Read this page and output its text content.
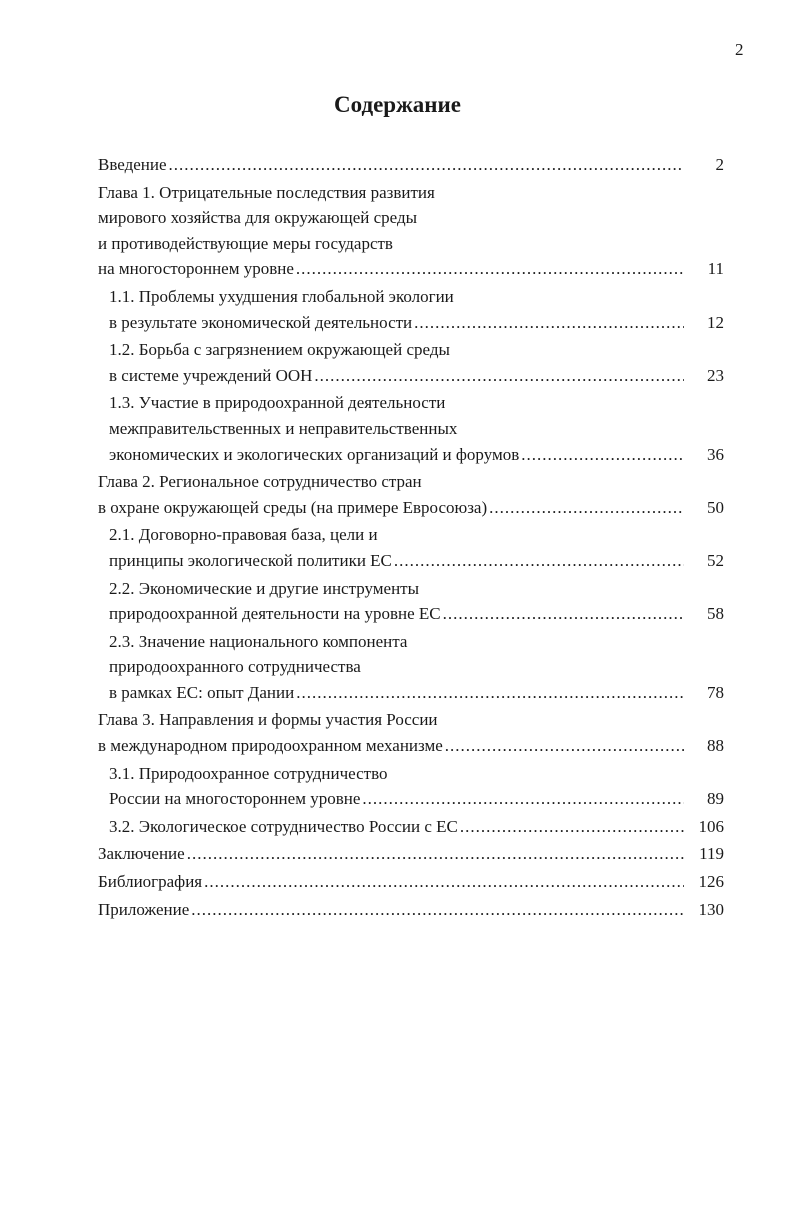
2
Содержание
Введение .....	2
Глава 1. Отрицательные последствия развития
мирового хозяйства для окружающей среды
и противодействующие меры государств
на многостороннем уровне .....	11
1.1. Проблемы ухудшения глобальной экологии
в результате экономической деятельности .....	12
1.2. Борьба с загрязнением окружающей среды
в системе учреждений ООН .....	23
1.3. Участие в природоохранной деятельности
межправительственных и неправительственных
экономических и экологических организаций и форумов .....	36
Глава 2. Региональное сотрудничество стран
в охране окружающей среды (на примере Евросоюза) .....	50
2.1. Договорно-правовая база, цели и
принципы экологической политики ЕС .....	52
2.2. Экономические и другие инструменты
природоохранной деятельности на уровне ЕС .....	58
2.3. Значение национального компонента
природоохранного сотрудничества
в рамках ЕС: опыт Дании .....	78
Глава 3. Направления и формы участия России
в международном природоохранном механизме .....	88
3.1. Природоохранное сотрудничество
России на многостороннем уровне .....	89
3.2. Экологическое сотрудничество России с ЕС .....	106
Заключение .....	119
Библиография .....	126
Приложение .....	130
